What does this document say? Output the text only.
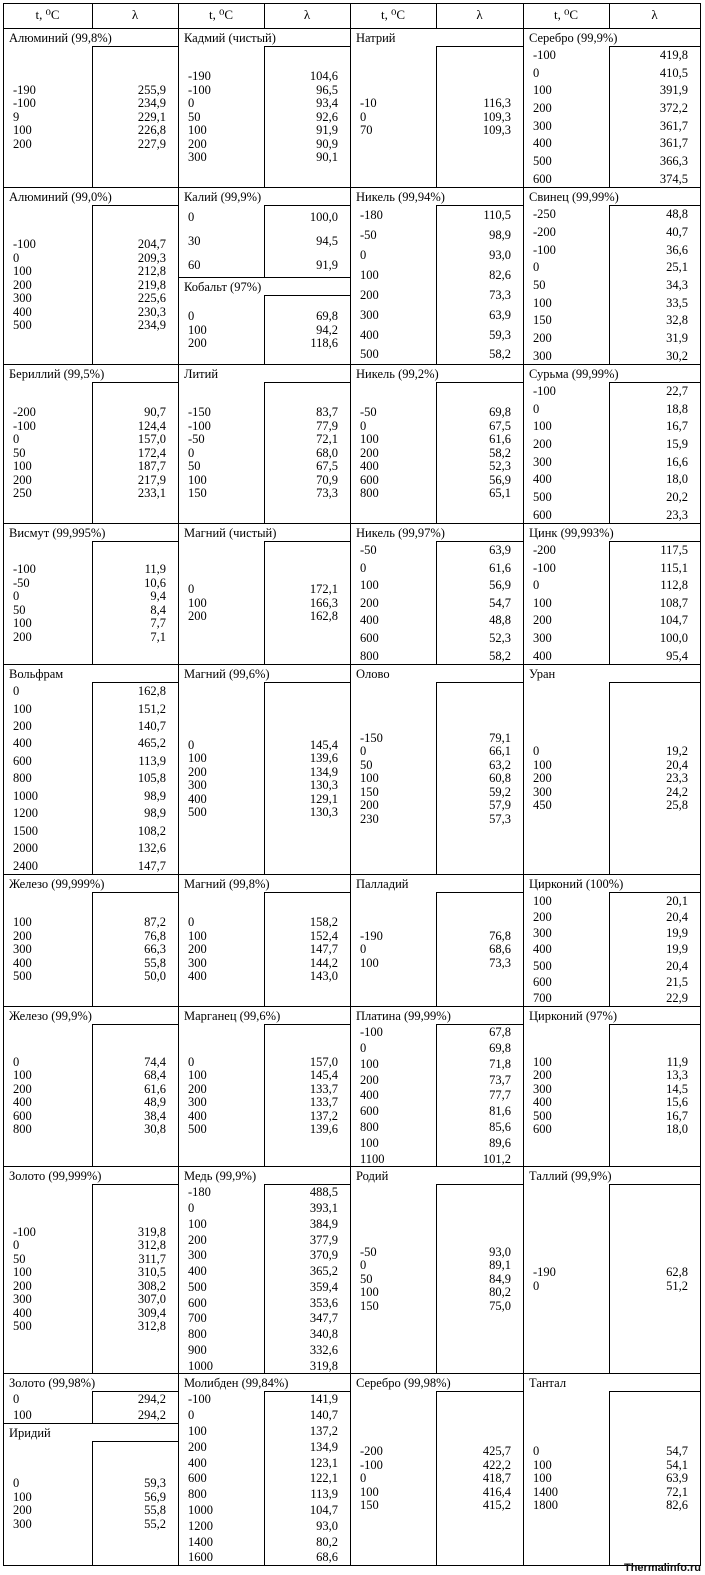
t, ⁰C	λ	t, ⁰C	λ	t, ⁰C	λ	t, ⁰C	λ
Алюминий (99,8%)
-190	255,9
-100	234,9
9	229,1
100	226,8
200	227,9
Алюминий (99,0%)
-100	204,7
0	209,3
100	212,8
200	219,8
300	225,6
400	230,3
500	234,9
Бериллий (99,5%)
-200	90,7
-100	124,4
0	157,0
50	172,4
100	187,7
200	217,9
250	233,1
Висмут (99,995%)
-100	11,9
-50	10,6
0	9,4
50	8,4
100	7,7
200	7,1
Вольфрам
0	162,8
100	151,2
200	140,7
400	465,2
600	113,9
800	105,8
1000	98,9
1200	98,9
1500	108,2
2000	132,6
2400	147,7
Железо (99,999%)
100	87,2
200	76,8
300	66,3
400	55,8
500	50,0
Железо (99,9%)
0	74,4
100	68,4
200	61,6
400	48,9
600	38,4
800	30,8
Золото (99,999%)
-100	319,8
0	312,8
50	311,7
100	310,5
200	308,2
300	307,0
400	309,4
500	312,8
Золото (99,98%)
0	294,2
100	294,2
Иридий
0	59,3
100	56,9
200	55,8
300	55,2
Кадмий (чистый)
-190	104,6
-100	96,5
0	93,4
50	92,6
100	91,9
200	90,9
300	90,1
Калий (99,9%)
0	100,0
30	94,5
60	91,9
Кобальт (97%)
0	69,8
100	94,2
200	118,6
Литий
-150	83,7
-100	77,9
-50	72,1
0	68,0
50	67,5
100	70,9
150	73,3
Магний (чистый)
0	172,1
100	166,3
200	162,8
Магний (99,6%)
0	145,4
100	139,6
200	134,9
300	130,3
400	129,1
500	130,3
Магний (99,8%)
0	158,2
100	152,4
200	147,7
300	144,2
400	143,0
Марганец (99,6%)
0	157,0
100	145,4
200	133,7
300	133,7
400	137,2
500	139,6
Медь (99,9%)
-180	488,5
0	393,1
100	384,9
200	377,9
300	370,9
400	365,2
500	359,4
600	353,6
700	347,7
800	340,8
900	332,6
1000	319,8
Молибден (99,84%)
-100	141,9
0	140,7
100	137,2
200	134,9
400	123,1
600	122,1
800	113,9
1000	104,7
1200	93,0
1400	80,2
1600	68,6
Натрий
-10	116,3
0	109,3
70	109,3
Никель (99,94%)
-180	110,5
-50	98,9
0	93,0
100	82,6
200	73,3
300	63,9
400	59,3
500	58,2
Никель (99,2%)
-50	69,8
0	67,5
100	61,6
200	58,2
400	52,3
600	56,9
800	65,1
Никель (99,97%)
-50	63,9
0	61,6
100	56,9
200	54,7
400	48,8
600	52,3
800	58,2
Олово
-150	79,1
0	66,1
50	63,2
100	60,8
150	59,2
200	57,9
230	57,3
Палладий
-190	76,8
0	68,6
100	73,3
Платина (99,99%)
-100	67,8
0	69,8
100	71,8
200	73,7
400	77,7
600	81,6
800	85,6
100	89,6
1100	101,2
Родий
-50	93,0
0	89,1
50	84,9
100	80,2
150	75,0
Серебро (99,98%)
-200	425,7
-100	422,2
0	418,7
100	416,4
150	415,2
Серебро (99,9%)
-100	419,8
0	410,5
100	391,9
200	372,2
300	361,7
400	361,7
500	366,3
600	374,5
Свинец (99,99%)
-250	48,8
-200	40,7
-100	36,6
0	25,1
50	34,3
100	33,5
150	32,8
200	31,9
300	30,2
Сурьма (99,99%)
-100	22,7
0	18,8
100	16,7
200	15,9
300	16,6
400	18,0
500	20,2
600	23,3
Цинк (99,993%)
-200	117,5
-100	115,1
0	112,8
100	108,7
200	104,7
300	100,0
400	95,4
Уран
0	19,2
100	20,4
200	23,3
300	24,2
450	25,8
Цирконий (100%)
100	20,1
200	20,4
300	19,9
400	19,9
500	20,4
600	21,5
700	22,9
Цирконий (97%)
100	11,9
200	13,3
300	14,5
400	15,6
500	16,7
600	18,0
Таллий (99,9%)
-190	62,8
0	51,2
Тантал
0	54,7
100	54,1
100	63,9
1400	72,1
1800	82,6
Thermalinfo.ru
